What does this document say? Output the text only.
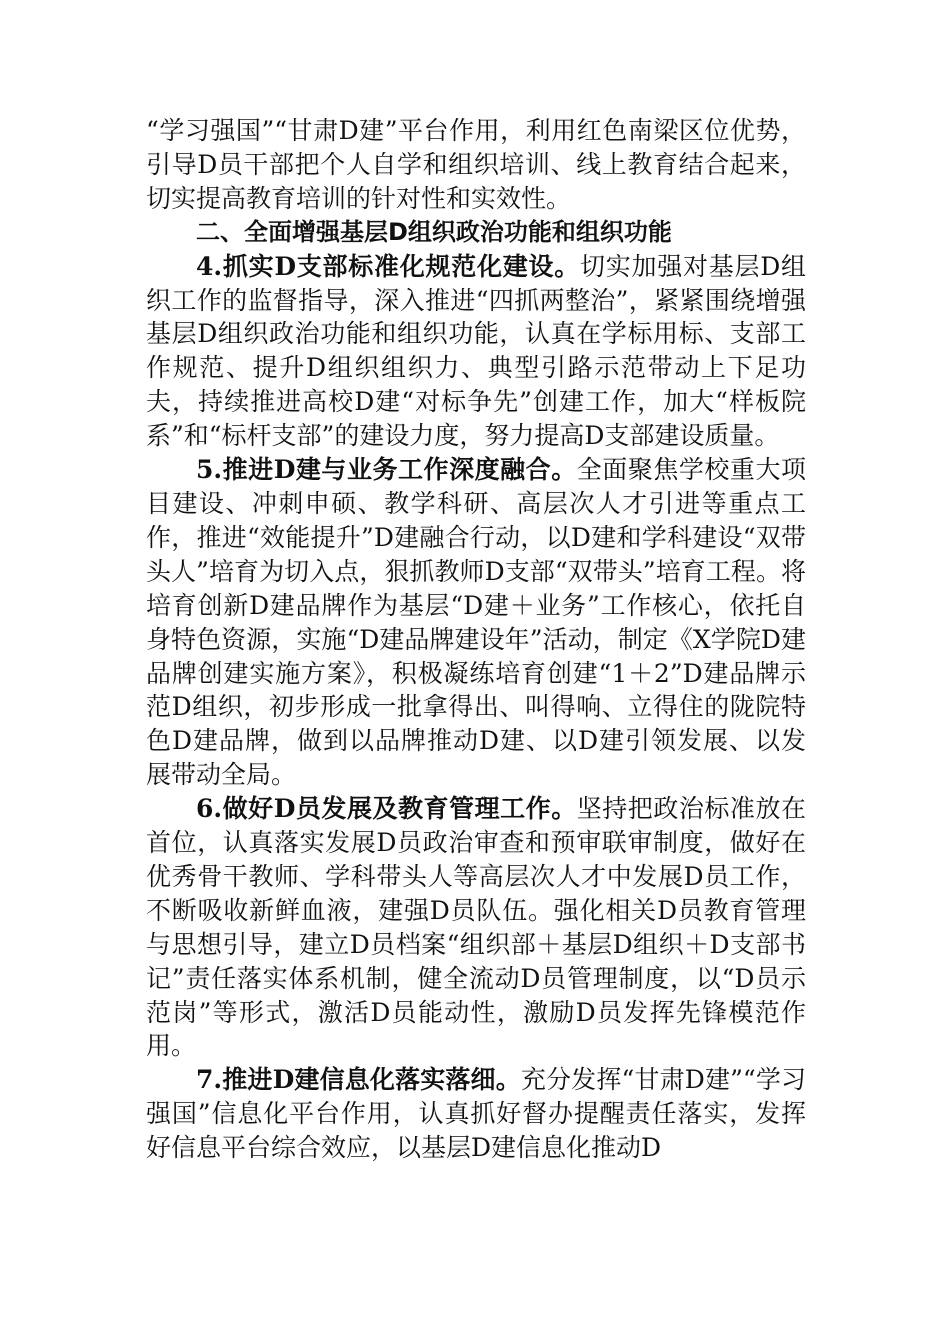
“学习强国”“甘肃D建”平台作用，利用红色南梁区位优势，引导D员干部把个人自学和组织培训、线上教育结合起来，切实提高教育培训的针对性和实效性。

二、全面增强基层D组织政治功能和组织功能

4.抓实D支部标准化规范化建设。切实加强对基层D组织工作的监督指导，深入推进“四抓两整治”，紧紧围绕增强基层D组织政治功能和组织功能，认真在学标用标、支部工作规范、提升D组织组织力、典型引路示范带动上下足功夫，持续推进高校D建“对标争先”创建工作，加大“样板院系”和“标杆支部”的建设力度，努力提高D支部建设质量。

5.推进D建与业务工作深度融合。全面聚焦学校重大项目建设、冲刺申硕、教学科研、高层次人才引进等重点工作，推进“效能提升”D建融合行动，以D建和学科建设“双带头人”培育为切入点，狠抓教师D支部“双带头”培育工程。将培育创新D建品牌作为基层“D建＋业务”工作核心，依托自身特色资源，实施“D建品牌建设年”活动，制定《X学院D建品牌创建实施方案》，积极凝练培育创建“1＋2”D建品牌示范D组织，初步形成一批拿得出、叫得响、立得住的陇院特色D建品牌，做到以品牌推动D建、以D建引领发展、以发展带动全局。

6.做好D员发展及教育管理工作。坚持把政治标准放在首位，认真落实发展D员政治审查和预审联审制度，做好在优秀骨干教师、学科带头人等高层次人才中发展D员工作，不断吸收新鲜血液，建强D员队伍。强化相关D员教育管理与思想引导，建立D员档案“组织部＋基层D组织＋D支部书记”责任落实体系机制，健全流动D员管理制度，以“D员示范岗”等形式，激活D员能动性，激励D员发挥先锋模范作用。

7.推进D建信息化落实落细。充分发挥“甘肃D建”“学习强国”信息化平台作用，认真抓好督办提醒责任落实，发挥好信息平台综合效应，以基层D建信息化推动D
